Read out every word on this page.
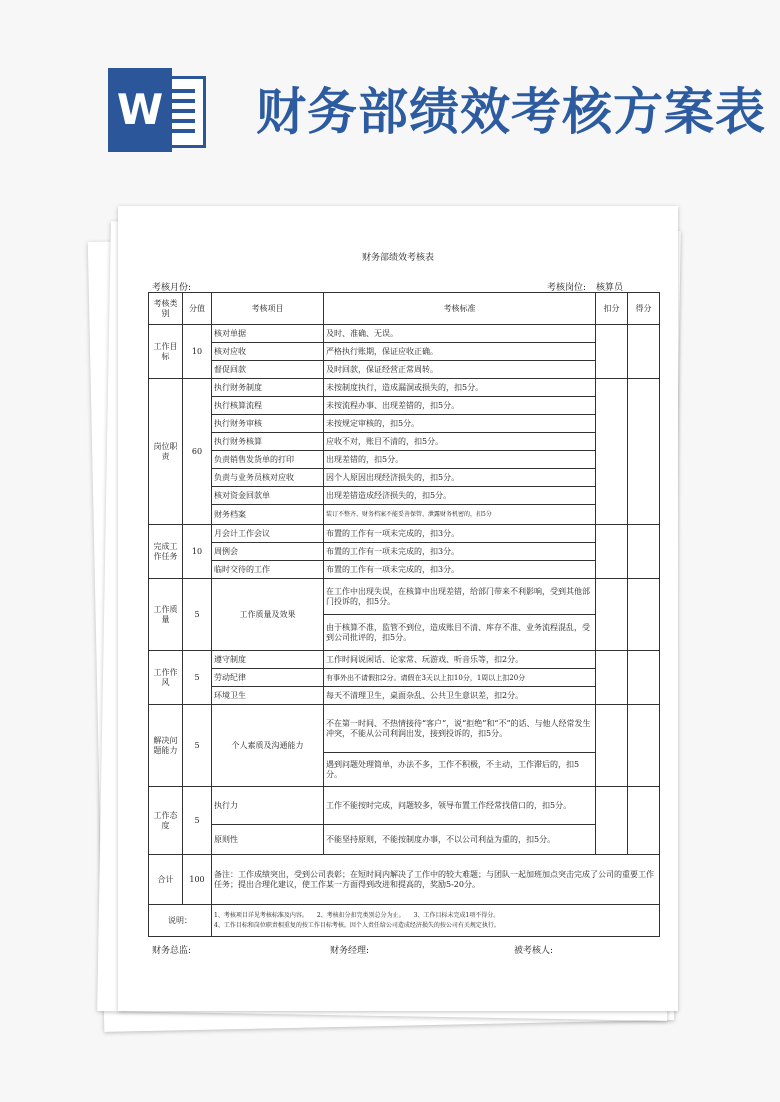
W 财务部绩效考核方案表
财务部绩效考核表
考核月份:	考核岗位: 核算员
考核类别	分值	考核项目	考核标准	扣分	得分
工作目标	10	核对单据	及时、准确、无误。		
		核对应收	严格执行账期，保证应收正确。		
		督促回款	及时回款，保证经营正常周转。		
岗位职责	60	执行财务制度	未按制度执行，造成漏洞或损失的，扣5分。		
		执行核算流程	未按流程办事、出现差错的，扣5分。		
		执行财务审核	未按规定审核的，扣5分。		
		执行财务核算	应收不对，账目不清的，扣5分。		
		负责销售发货单的打印	出现差错的，扣5分。		
		负责与业务员核对应收	因个人原因出现经济损失的，扣5分。		
		核对资金回款单	出现差错造成经济损失的，扣5分。		
		财务档案	装订不整齐、财务档案不能妥善保管、泄露财务机密的，扣5分		
完成工作任务	10	月会计工作会议	布置的工作有一项未完成的，扣3分。		
		周例会	布置的工作有一项未完成的，扣3分。		
		临时交待的工作	布置的工作有一项未完成的，扣3分。		
工作质量	5	工作质量及效果	在工作中出现失误，在核算中出现差错，给部门带来不利影响，受到其他部门投诉的，扣5分。		
			由于核算不准，监管不到位，造成账目不清、库存不准、业务流程混乱，受到公司批评的，扣5分。		
工作作风	5	遵守制度	工作时间说闲话、论家常、玩游戏、听音乐等，扣2分。		
		劳动纪律	有事外出不请假扣2分。请假在3天以上扣10分，1周以上扣20分		
		环境卫生	每天不清理卫生，桌面杂乱、公共卫生意识差，扣2分。		
解决问题能力	5	个人素质及沟通能力	不在第一时间、不热情接待“客户”，说“拒绝”和“不”的话、与他人经常发生冲突，不能从公司利润出发，接到投诉的，扣5分。		
			遇到问题处理简单，办法不多，工作不积极，不主动，工作滞后的，扣5分。		
工作态度	5	执行力	工作不能按时完成，问题较多，领导布置工作经常找借口的，扣5分。		
		原则性	不能坚持原则，不能按制度办事，不以公司利益为重的，扣5分。		
合计	100	备注：工作成绩突出，受到公司表彰；在短时间内解决了工作中的较大难题；与团队一起加班加点突击完成了公司的重要工作任务；提出合理化建议，使工作某一方面得到改进和提高的，奖励5-20分。			
说明：		1、考核项目详见考核标准及内容。　　2、考核扣分扣完类别总分为止。　　3、工作目标未完成1项不得分。
4、工作目标和岗位职责相重复的按工作目标考核。因个人责任给公司造成经济损失的按公司有关规定执行。			
财务总监:	财务经理:	被考核人:
